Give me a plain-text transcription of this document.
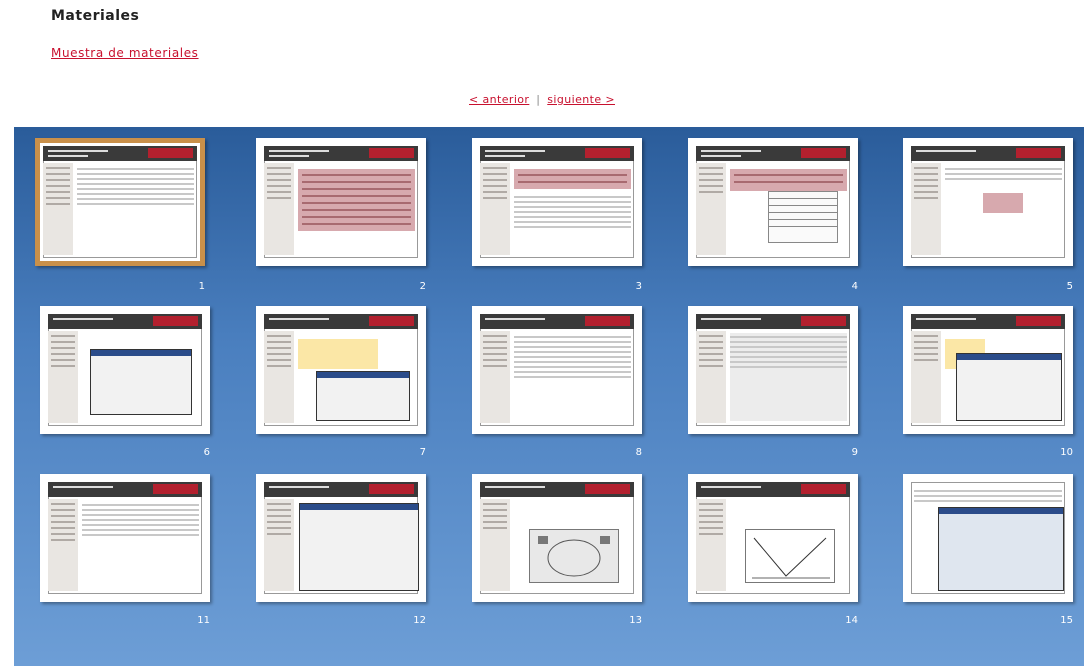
Materiales
Muestra de materiales
< anterior | siguiente >
1	2	3	4	5
6	7	8	9	10
11	12	13	14	15
